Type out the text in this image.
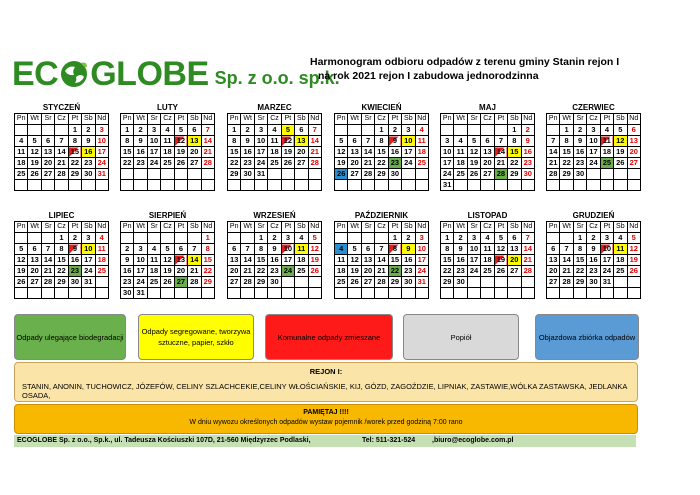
EC GLOBE Sp. z o.o. sp.k.
Harmonogram odbioru odpadów z terenu gminy Stanin rejon I
na rok 2021 rejon I zabudowa jednorodzinna
STYCZEŃ
Pn	Wt	Śr	Cz	Pt	Sb	Nd
				1	2	3
4	5	6	7	8	9	10
11	12	13	14	15	16	17
18	19	20	21	22	23	24
25	26	27	28	29	30	31

LUTY
Pn	Wt	Śr	Cz	Pt	Sb	Nd
1	2	3	4	5	6	7
8	9	10	11	12	13	14
15	16	17	18	19	20	21
22	23	24	25	26	27	28

MARZEC
Pn	Wt	Śr	Cz	Pt	Sb	Nd
1	2	3	4	5	6	7
8	9	10	11	12	13	14
15	16	17	18	19	20	21
22	23	24	25	26	27	28
29	30	31				

KWIECIEŃ
Pn	Wt	Śr	Cz	Pt	Sb	Nd
			1	2	3	4
5	6	7	8	9	10	11
12	13	14	15	16	17	18
19	20	21	22	23	24	25
26	27	28	29	30		

MAJ
Pn	Wt	Śr	Cz	Pt	Sb	Nd
					1	2
3	4	5	6	7	8	9
10	11	12	13	14	15	16
17	18	19	20	21	22	23
24	25	26	27	28	29	30
31						
CZERWIEC
Pn	Wt	Śr	Cz	Pt	Sb	Nd
	1	2	3	4	5	6
7	8	9	10	11	12	13
14	15	16	17	18	19	20
21	22	23	24	25	26	27
28	29	30				

LIPIEC
Pn	Wt	Śr	Cz	Pt	Sb	Nd
			1	2	3	4
5	6	7	8	9	10	11
12	13	14	15	16	17	18
19	20	21	22	23	24	25
26	27	28	29	30	31	

SIERPIEŃ
Pn	Wt	Śr	Cz	Pt	Sb	Nd
						1
2	3	4	5	6	7	8
9	10	11	12	13	14	15
16	17	18	19	20	21	22
23	24	25	26	27	28	29
30	31					
WRZESIEŃ
Pn	Wt	Śr	Cz	Pt	Sb	Nd
		1	2	3	4	5
6	7	8	9	10	11	12
13	14	15	16	17	18	19
20	21	22	23	24	25	26
27	28	29	30			

PAŹDZIERNIK
Pn	Wt	Śr	Cz	Pt	Sb	Nd
				1	2	3
4	5	6	7	8	9	10
11	12	13	14	15	16	17
18	19	20	21	22	23	24
25	26	27	28	29	30	31

LISTOPAD
Pn	Wt	Śr	Cz	Pt	Sb	Nd
1	2	3	4	5	6	7
8	9	10	11	12	13	14
15	16	17	18	19	20	21
22	23	24	25	26	27	28
29	30					

GRUDZIEŃ
Pn	Wt	Śr	Cz	Pt	Sb	Nd
		1	2	3	4	5
6	7	8	9	10	11	12
13	14	15	16	17	18	19
20	21	22	23	24	25	26
27	28	29	30	31		

Odpady ulegające biodegradacji
Odpady segregowane, tworzywa sztuczne, papier, szkło
Komunalne odpady zmieszane	Popiół	Objazdowa zbiórka odpadów
REJON I:
STANIN, ANONIN, TUCHOWICZ, JÓZEFÓW, CELINY SZLACHCEKIE,CELINY WŁOŚCIAŃSKIE, KIJ, GÓZD, ZAGOŹDZIE, LIPNIAK, ZASTAWIE,WÓLKA ZASTAWSKA, JEDLANKA OSADA,
PAMIĘTAJ !!!!
W dniu wywozu określonych odpadów wystaw pojemnik /worek przed godziną 7:00 rano
ECOGLOBE Sp. z o.o., Sp.k., ul. Tadeusza Kościuszki 107D, 21-560 Międzyrzec Podlaski,	Tel: 511-321-524 ,biuro@ecoglobe.com.pl
